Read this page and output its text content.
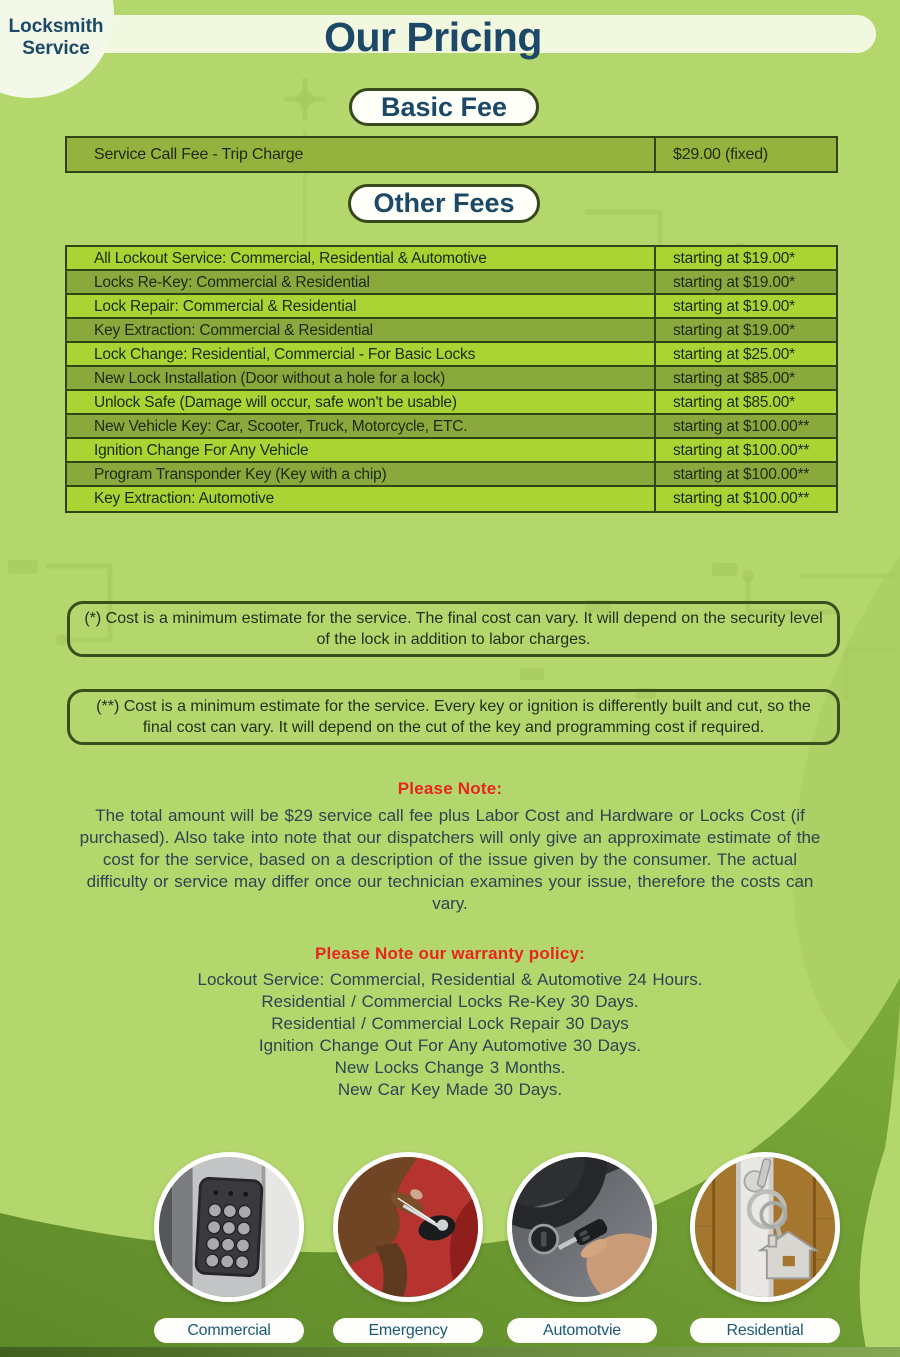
Our Pricing
Locksmith
Service
Basic Fee
Service Call Fee - Trip Charge	$29.00 (fixed)
Other Fees
All Lockout Service: Commercial, Residential & Automotive	starting at $19.00*
Locks Re-Key: Commercial & Residential	starting at $19.00*
Lock Repair: Commercial & Residential	starting at $19.00*
Key Extraction: Commercial & Residential	starting at $19.00*
Lock Change: Residential, Commercial - For Basic Locks	starting at $25.00*
New Lock Installation (Door without a hole for a lock)	starting at $85.00*
Unlock Safe (Damage will occur, safe won't be usable)	starting at $85.00*
New Vehicle Key: Car, Scooter, Truck, Motorcycle, ETC.	starting at $100.00**
Ignition Change For Any Vehicle	starting at $100.00**
Program Transponder Key (Key with a chip)	starting at $100.00**
Key Extraction: Automotive	starting at $100.00**
(*) Cost is a minimum estimate for the service. The final cost can vary. It will depend on the security level of the lock in addition to labor charges.
(**) Cost is a minimum estimate for the service. Every key or ignition is differently built and cut, so the final cost can vary. It will depend on the cut of the key and programming cost if required.
Please Note:
The total amount will be $29 service call fee plus Labor Cost and Hardware or Locks Cost (if purchased). Also take into note that our dispatchers will only give an approximate estimate of the cost for the service, based on a description of the issue given by the consumer. The actual difficulty or service may differ once our technician examines your issue, therefore the costs can vary.
Please Note our warranty policy:
Lockout Service: Commercial, Residential & Automotive 24 Hours.
Residential / Commercial Locks Re-Key 30 Days.
Residential / Commercial Lock Repair 30 Days
Ignition Change Out For Any Automotive 30 Days.
New Locks Change 3 Months.
New Car Key Made 30 Days.
Commercial	Emergency	Automotvie	Residential
